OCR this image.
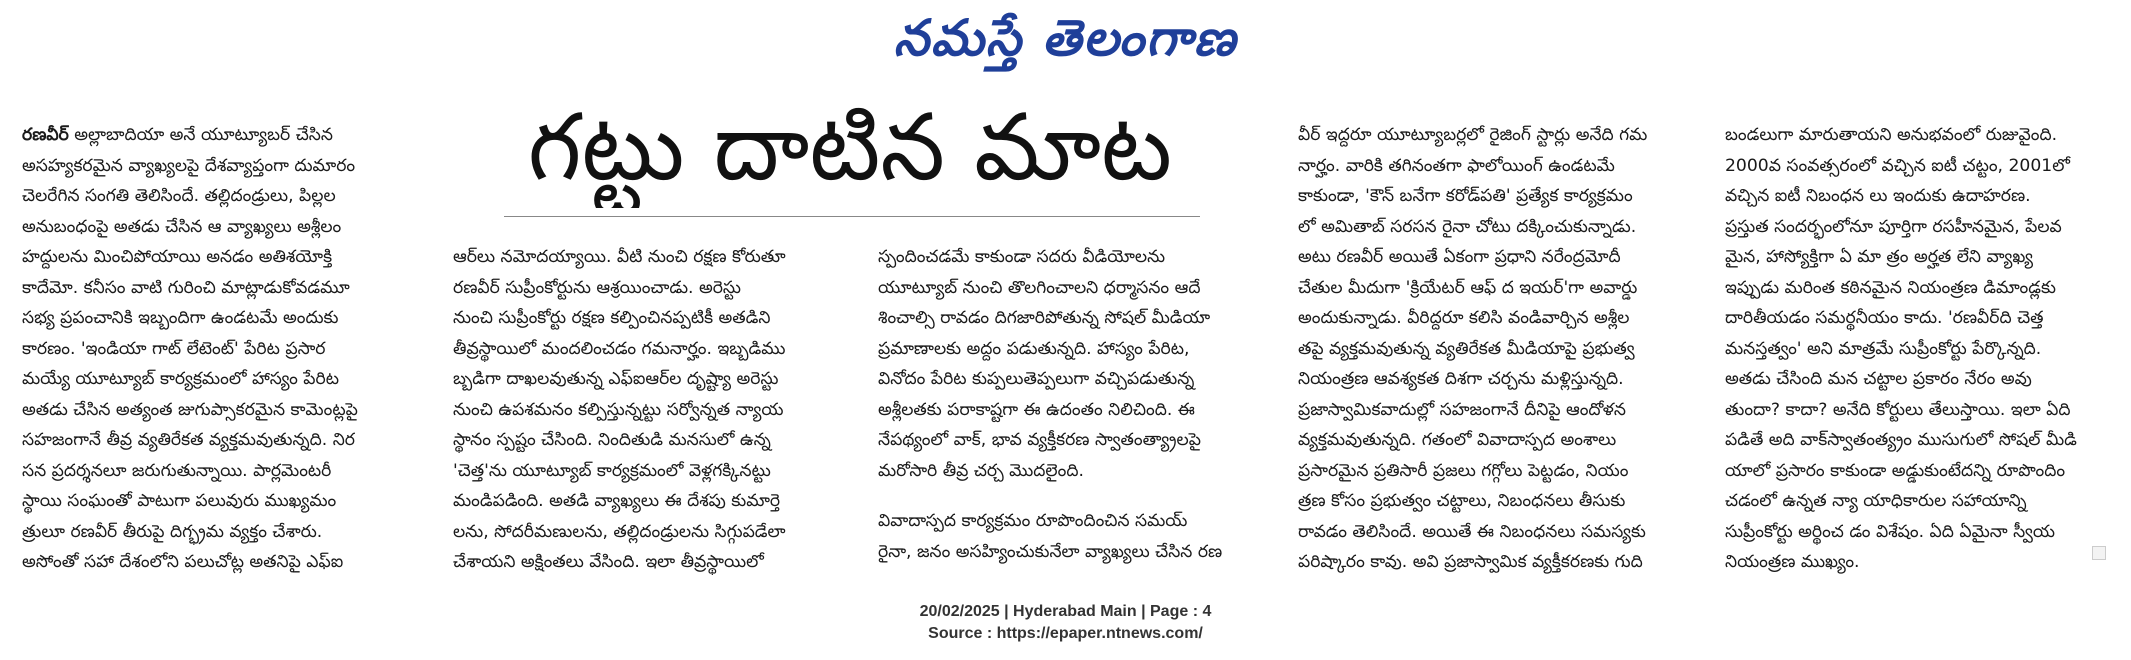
నమస్తే తెలంగాణ
గట్టు దాటిన మాట

రణవీర్ అల్లాబాదియా అనే యూట్యూబర్ చేసిన

అసహ్యకరమైన వ్యాఖ్యలపై దేశవ్యాప్తంగా దుమారం

చెలరేగిన సంగతి తెలిసిందే. తల్లిదండ్రులు, పిల్లల

అనుబంధంపై అతడు చేసిన ఆ వ్యాఖ్యలు అశ్లీలం

హద్దులను మించిపోయాయి అనడం అతిశయోక్తి

కాదేమో. కనీసం వాటి గురించి మాట్లాడుకోవడమూ

సభ్య ప్రపంచానికి ఇబ్బందిగా ఉండటమే అందుకు

కారణం. 'ఇండియా గాట్ లేటెంట్' పేరిట ప్రసార

మయ్యే యూట్యూబ్ కార్యక్రమంలో హాస్యం పేరిట

అతడు చేసిన అత్యంత జుగుప్సాకరమైన కామెంట్లపై

సహజంగానే తీవ్ర వ్యతిరేకత వ్యక్తమవుతున్నది. నిర

సన ప్రదర్శనలూ జరుగుతున్నాయి. పార్లమెంటరీ

స్థాయి సంఘంతో పాటుగా పలువురు ముఖ్యమం

త్రులూ రణవీర్ తీరుపై దిగ్భ్రమ వ్యక్తం చేశారు.

అసోంతో సహా దేశంలోని పలుచోట్ల అతనిపై ఎఫ్ఐ

ఆర్‌లు నమోదయ్యాయి. వీటి నుంచి రక్షణ కోరుతూ

రణవీర్ సుప్రీంకోర్టును ఆశ్రయించాడు. అరెస్టు

నుంచి సుప్రీంకోర్టు రక్షణ కల్పించినప్పటికీ అతడిని

తీవ్రస్థాయిలో మందలించడం గమనార్హం. ఇబ్బడిము

బ్బడిగా దాఖలవుతున్న ఎఫ్ఐఆర్‌ల దృష్ట్యా అరెస్టు

నుంచి ఉపశమనం కల్పిస్తున్నట్టు సర్వోన్నత న్యాయ

స్థానం స్పష్టం చేసింది. నిందితుడి మనసులో ఉన్న

'చెత్త'ను యూట్యూబ్ కార్యక్రమంలో వెళ్లగక్కినట్టు

మండిపడింది. అతడి వ్యాఖ్యలు ఈ దేశపు కుమార్తె

లను, సోదరీమణులను, తల్లిదండ్రులను సిగ్గుపడేలా

చేశాయని అక్షింతలు వేసింది. ఇలా తీవ్రస్థాయిలో

స్పందించడమే కాకుండా సదరు వీడియోలను

యూట్యూబ్ నుంచి తొలగించాలని ధర్మాసనం ఆదే

శించాల్సి రావడం దిగజారిపోతున్న సోషల్ మీడియా

ప్రమాణాలకు అద్దం పడుతున్నది. హాస్యం పేరిట,

వినోదం పేరిట కుప్పలుతెప్పలుగా వచ్చిపడుతున్న

అశ్లీలతకు పరాకాష్టగా ఈ ఉదంతం నిలిచింది. ఈ

నేపథ్యంలో వాక్, భావ వ్యక్తీకరణ స్వాతంత్య్రాలపై

మరోసారి తీవ్ర చర్చ మొదలైంది.

వివాదాస్పద కార్యక్రమం రూపొందించిన సమయ్

రైనా, జనం అసహ్యించుకునేలా వ్యాఖ్యలు చేసిన రణ

వీర్ ఇద్దరూ యూట్యూబర్లలో రైజింగ్ స్టార్లు అనేది గమ

నార్హం. వారికి తగినంతగా ఫాలోయింగ్ ఉండటమే

కాకుండా, 'కౌన్ బనేగా కరోడ్‌పతి' ప్రత్యేక కార్యక్రమం

లో అమితాబ్ సరసన రైనా చోటు దక్కించుకున్నాడు.

అటు రణవీర్ అయితే ఏకంగా ప్రధాని నరేంద్రమోదీ

చేతుల మీదుగా 'క్రియేటర్ ఆఫ్ ద ఇయర్'గా అవార్డు

అందుకున్నాడు. వీరిద్దరూ కలిసి వండివార్చిన అశ్లీల

తపై వ్యక్తమవుతున్న వ్యతిరేకత మీడియాపై ప్రభుత్వ

నియంత్రణ ఆవశ్యకత దిశగా చర్చను మళ్లిస్తున్నది.

ప్రజాస్వామికవాదుల్లో సహజంగానే దీనిపై ఆందోళన

వ్యక్తమవుతున్నది. గతంలో వివాదాస్పద అంశాలు

ప్రసారమైన ప్రతిసారీ ప్రజలు గగ్గోలు పెట్టడం, నియం

త్రణ కోసం ప్రభుత్వం చట్టాలు, నిబంధనలు తీసుకు

రావడం తెలిసిందే. అయితే ఈ నిబంధనలు సమస్యకు

పరిష్కారం కావు. అవి ప్రజాస్వామిక వ్యక్తీకరణకు గుది

బండలుగా మారుతాయని అనుభవంలో రుజువైంది.

2000వ సంవత్సరంలో వచ్చిన ఐటీ చట్టం, 2001లో

వచ్చిన ఐటీ నిబంధన లు ఇందుకు ఉదాహరణ.

ప్రస్తుత సందర్భంలోనూ పూర్తిగా రసహీనమైన, పేలవ

మైన, హాస్యోక్తిగా ఏ మా త్రం అర్హత లేని వ్యాఖ్య

ఇప్పుడు మరింత కఠినమైన నియంత్రణ డిమాండ్లకు

దారితీయడం సమర్థనీయం కాదు. 'రణవీర్‌ది చెత్త

మనస్తత్వం' అని మాత్రమే సుప్రీంకోర్టు పేర్కొన్నది.

అతడు చేసింది మన చట్టాల ప్రకారం నేరం అవు

తుందా? కాదా? అనేది కోర్టులు తేలుస్తాయి. ఇలా ఏది

పడితే అది వాక్‌స్వాతంత్య్రం ముసుగులో సోషల్ మీడి

యాలో ప్రసారం కాకుండా అడ్డుకుంటేదన్ని రూపొందిం

చడంలో ఉన్నత న్యా యాధికారుల సహాయాన్ని

సుప్రీంకోర్టు అర్థించ డం విశేషం. ఏది ఏమైనా స్వీయ

నియంత్రణ ముఖ్యం.

20/02/2025 | Hyderabad Main | Page : 4
Source : https://epaper.ntnews.com/
